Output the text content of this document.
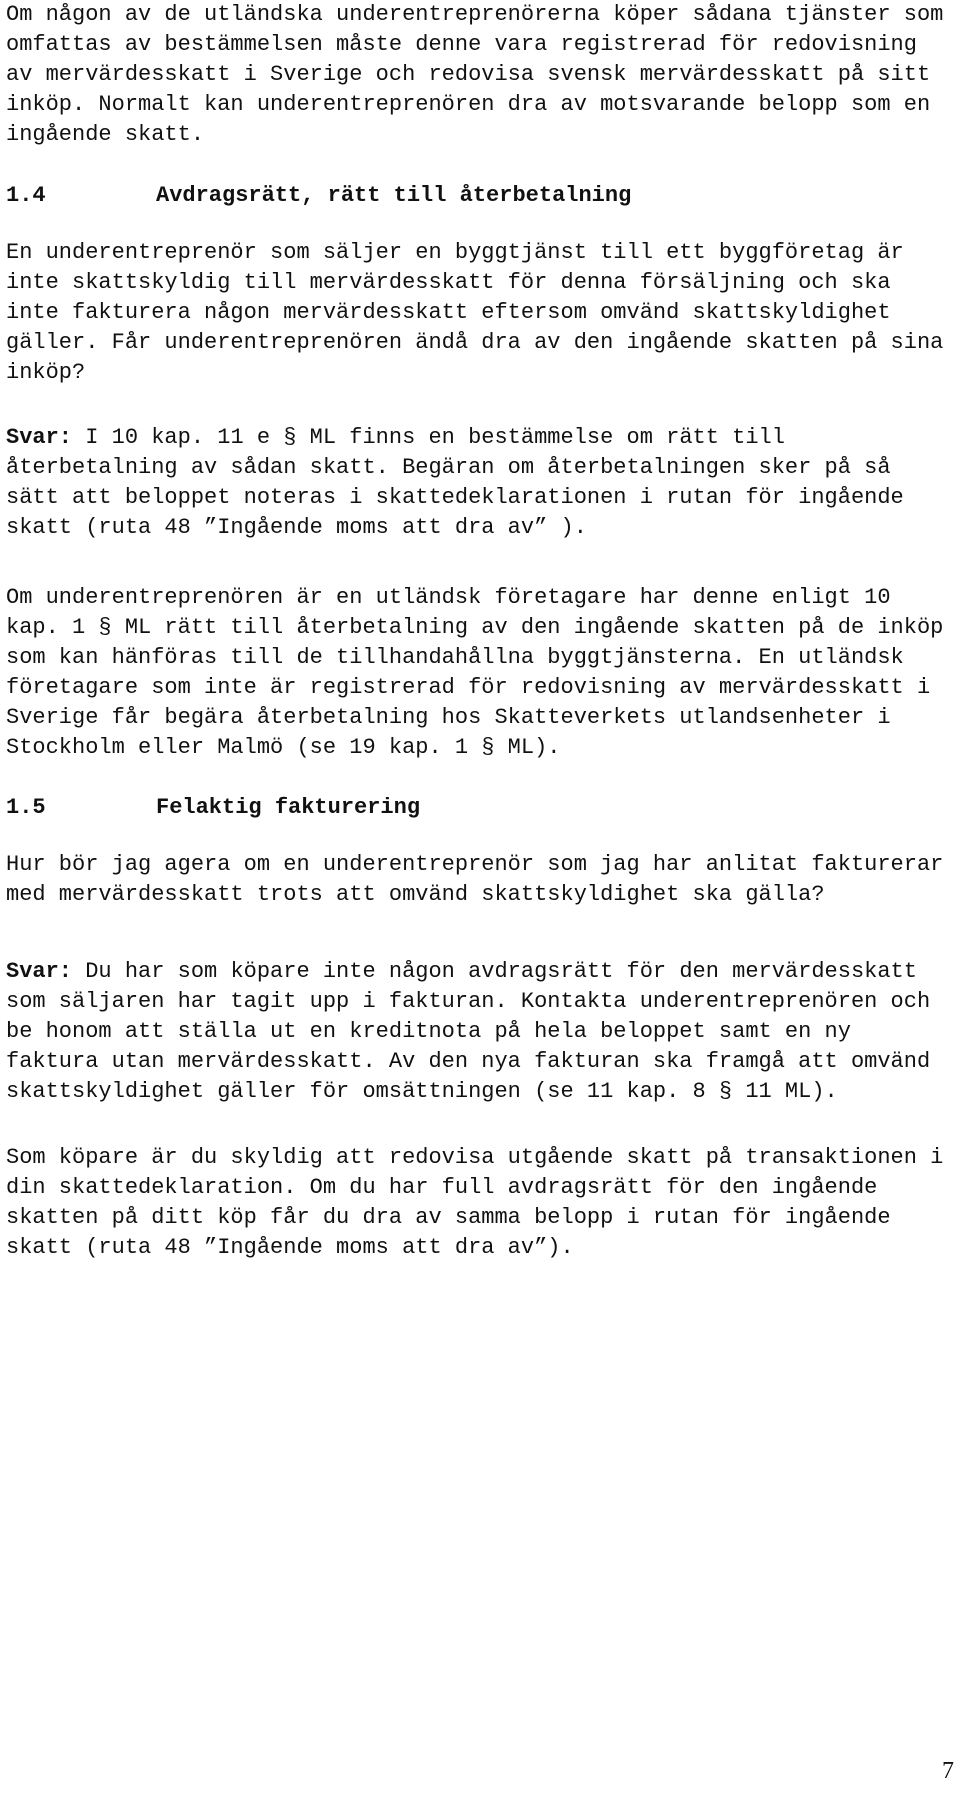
Om någon av de utländska underentreprenörerna köper sådana tjänster som omfattas av bestämmelsen måste denne vara registrerad för redovisning av mervärdesskatt i Sverige och redovisa svensk mervärdesskatt på sitt inköp. Normalt kan underentreprenören dra av motsvarande belopp som en ingående skatt.

1.4	Avdragsrätt, rätt till återbetalning

En underentreprenör som säljer en byggtjänst till ett byggföretag är inte skattskyldig till mervärdesskatt för denna försäljning och ska inte fakturera någon mervärdesskatt eftersom omvänd skattskyldighet gäller. Får underentreprenören ändå dra av den ingående skatten på sina inköp?

Svar: I 10 kap. 11 e § ML finns en bestämmelse om rätt till återbetalning av sådan skatt. Begäran om återbetalningen sker på så sätt att beloppet noteras i skattedeklarationen i rutan för ingående skatt (ruta 48 ”Ingående moms att dra av” ).

Om underentreprenören är en utländsk företagare har denne enligt 10 kap. 1 § ML rätt till återbetalning av den ingående skatten på de inköp som kan hänföras till de tillhandahållna byggtjänsterna. En utländsk företagare som inte är registrerad för redovisning av mervärdesskatt i Sverige får begära återbetalning hos Skatteverkets utlandsenheter i Stockholm eller Malmö (se 19 kap. 1 § ML).

1.5	Felaktig fakturering

Hur bör jag agera om en underentreprenör som jag har anlitat fakturerar med mervärdesskatt trots att omvänd skattskyldighet ska gälla?

Svar: Du har som köpare inte någon avdragsrätt för den mervärdesskatt som säljaren har tagit upp i fakturan. Kontakta underentreprenören och be honom att ställa ut en kreditnota på hela beloppet samt en ny faktura utan mervärdesskatt. Av den nya fakturan ska framgå att omvänd skattskyldighet gäller för omsättningen (se 11 kap. 8 § 11 ML).

Som köpare är du skyldig att redovisa utgående skatt på transaktionen i din skattedeklaration. Om du har full avdragsrätt för den ingående skatten på ditt köp får du dra av samma belopp i rutan för ingående skatt (ruta 48 ”Ingående moms att dra av”).

7
